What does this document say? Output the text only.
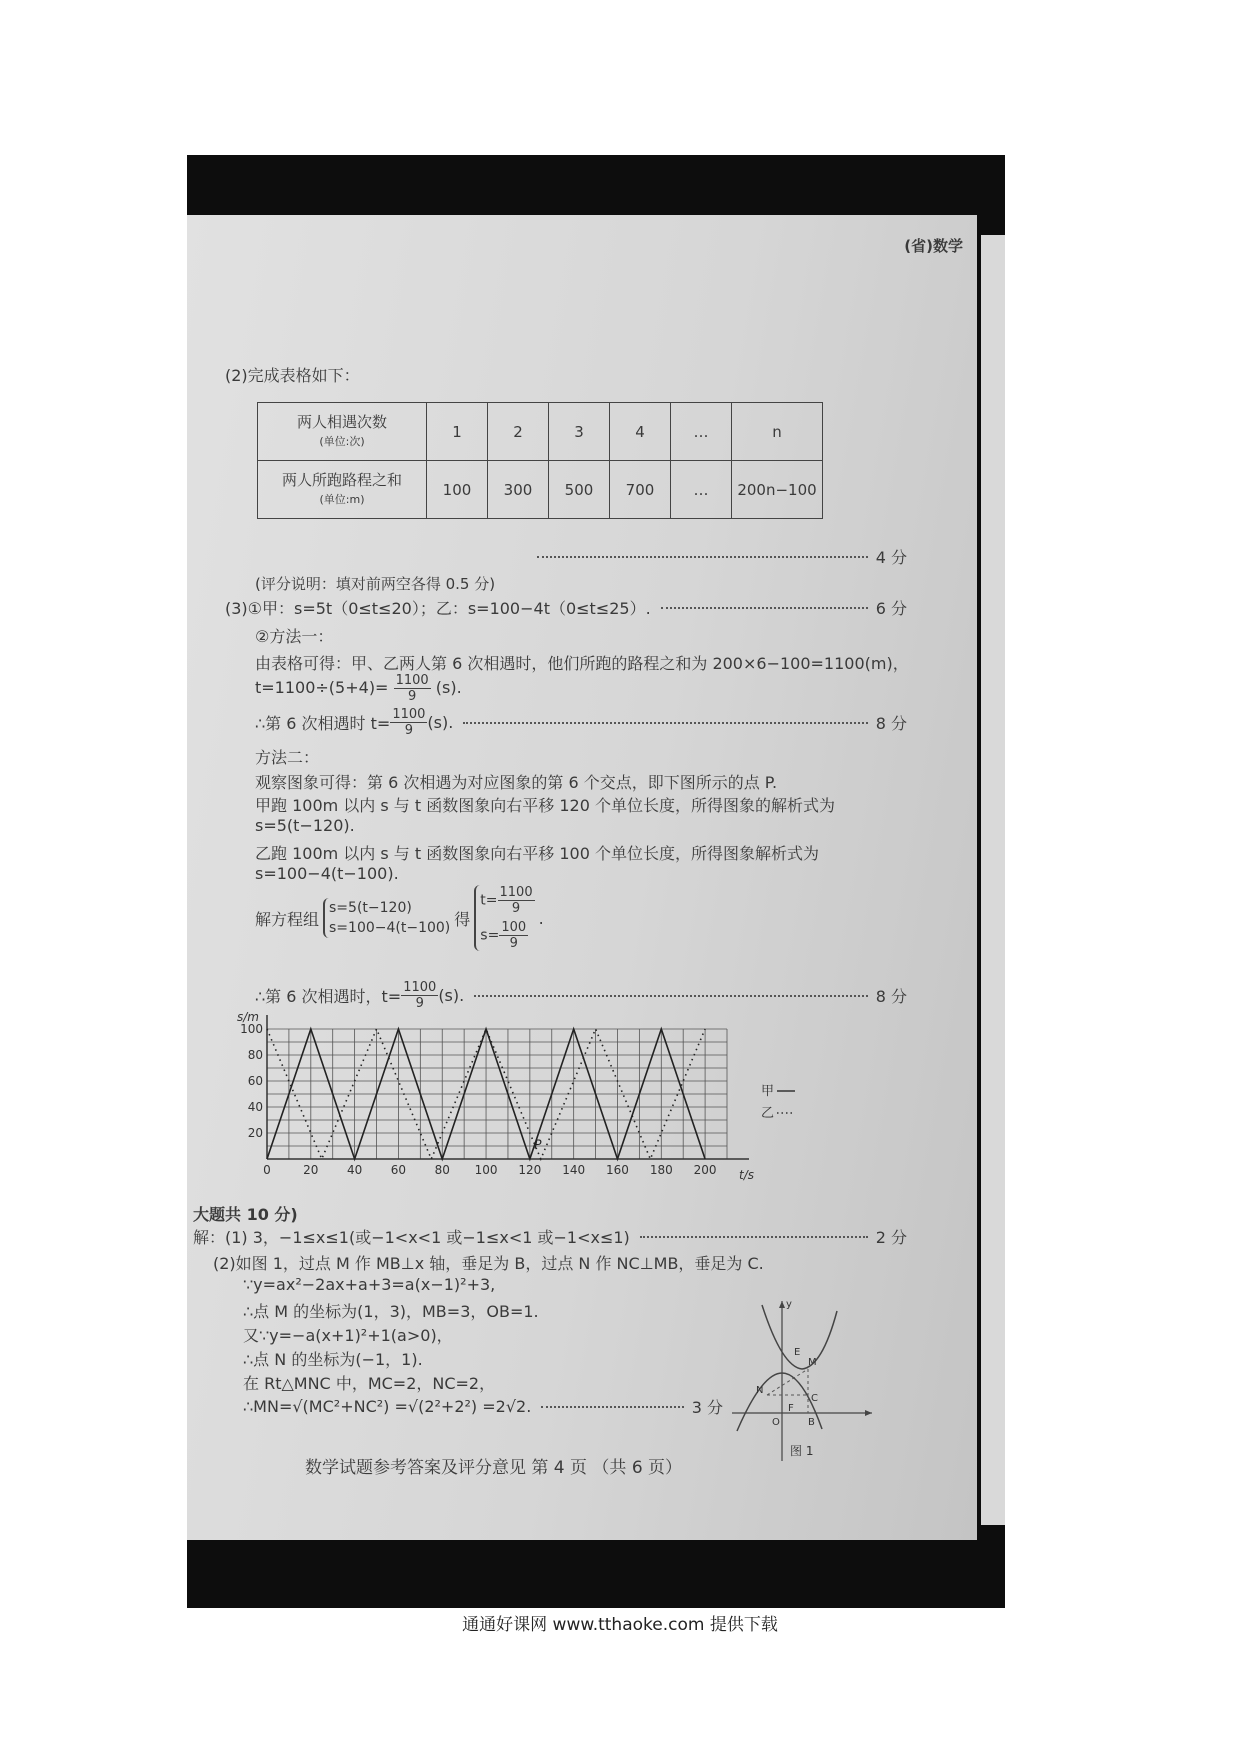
(省)数学
(2)完成表格如下：
两人相遇次数
(单位:次)	1	2	3	4	…	n
两人所跑路程之和
(单位:m)	100	300	500	700	…	200n−100
4 分
(评分说明：填对前两空各得 0.5 分)
(3)①甲：s=5t（0≤t≤20）；乙：s=100−4t（0≤t≤25）.	6 分
②方法一：
由表格可得：甲、乙两人第 6 次相遇时，他们所跑的路程之和为 200×6−100=1100(m)，
$t=1100\div(5+4)= \frac{1100}{9} (s)$.
∴第 6 次相遇时 $t= \frac{1100}{9} (s)$.	8 分
方法二：
观察图象可得：第 6 次相遇为对应图象的第 6 个交点，即下图所示的点 P.
甲跑 100m 以内 s 与 t 函数图象向右平移 120 个单位长度，所得图象的解析式为
s=5(t−120).
乙跑 100m 以内 s 与 t 函数图象向右平移 100 个单位长度，所得图象解析式为
s=100−4(t−100).
解方程组
s=5(t−120)
s=100−4(t−100) 得
$t= \frac{1100}{9}$
$s= \frac{100}{9}$
.
∴第 6 次相遇时，$t= \frac{1100}{9} (s)$.	8 分
s/m
t/s
0	20 40 60 80 100 120 140 160 180 200
20
40
60
80
100
P
甲
乙
大题共 10 分)
解：(1) 3，−1≤x≤1(或−1<x<1 或−1≤x<1 或−1<x≤1)	2 分
(2)如图 1，过点 M 作 MB⊥x 轴，垂足为 B，过点 N 作 NC⊥MB，垂足为 C.
∵y=ax²−2ax+a+3=a(x−1)²+3,
∴点 M 的坐标为(1，3)，MB=3，OB=1.
又∵y=−a(x+1)²+1(a>0)，
∴点 N 的坐标为(−1，1).
在 Rt△MNC 中，MC=2，NC=2，
∴MN=√(MC²+NC²) =√(2²+2²) =2√2.	3 分
y
M
E
N
C
F
O	B
图 1
数学试题参考答案及评分意见 第 4 页 （共 6 页）
通通好课网 www.tthaoke.com 提供下载
